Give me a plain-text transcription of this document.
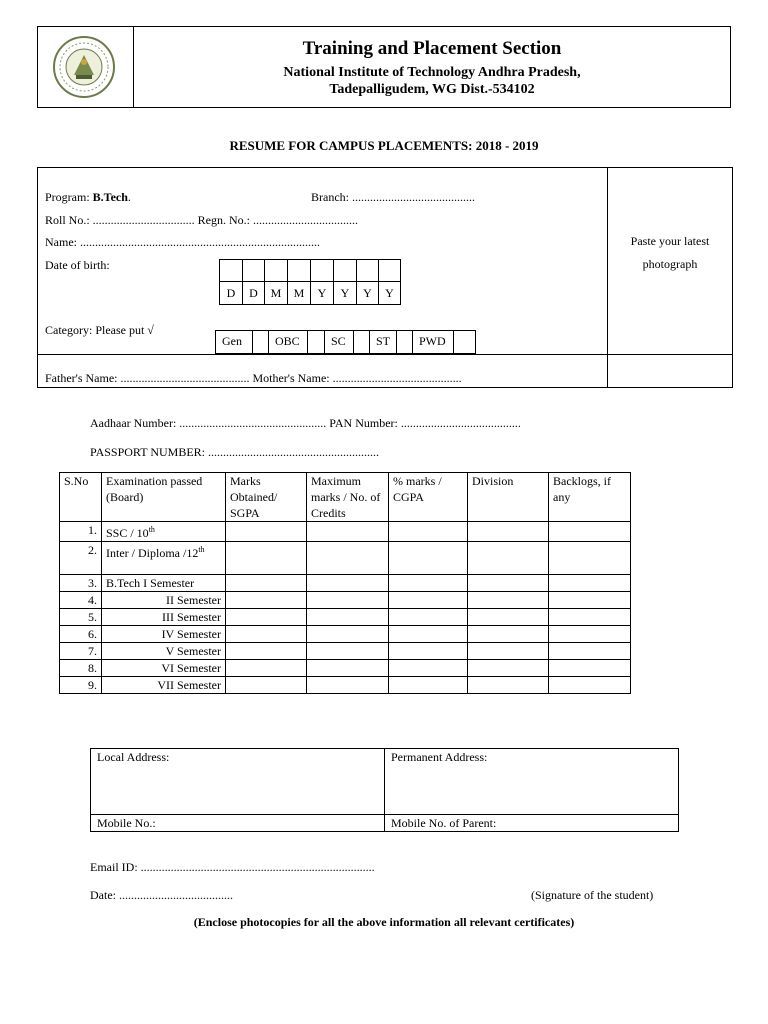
Training and Placement Section
National Institute of Technology Andhra Pradesh,
Tadepalligudem, WG Dist.-534102
RESUME FOR CAMPUS PLACEMENTS: 2018 - 2019
Program: B.Tech.	Branch: .........................................
Roll No.: .................................. Regn. No.: ...................................
Name: ................................................................................
Date of birth:
D	D	M	M	Y	Y	Y	Y
Category: Please put √
Gen	OBC	SC	ST	PWD
Paste your latest
photograph
Father's Name: ........................................... Mother's Name: ...........................................
Aadhaar Number: ................................................. PAN Number: ........................................
PASSPORT NUMBER: .........................................................
S.No	Examination passed (Board)	Marks Obtained/ SGPA	Maximum marks / No. of Credits	% marks / CGPA	Division	Backlogs, if any
1.	SSC / 10th					
2.	Inter / Diploma /12th					
3.	B.Tech I Semester					
4.	II Semester					
5.	III Semester					
6.	IV Semester					
7.	V Semester					
8.	VI Semester					
9.	VII Semester					
Local Address:	Permanent Address:
Mobile No.:	Mobile No. of Parent:
Email ID: ..............................................................................
Date: ......................................	(Signature of the student)
(Enclose photocopies for all the above information all relevant certificates)
